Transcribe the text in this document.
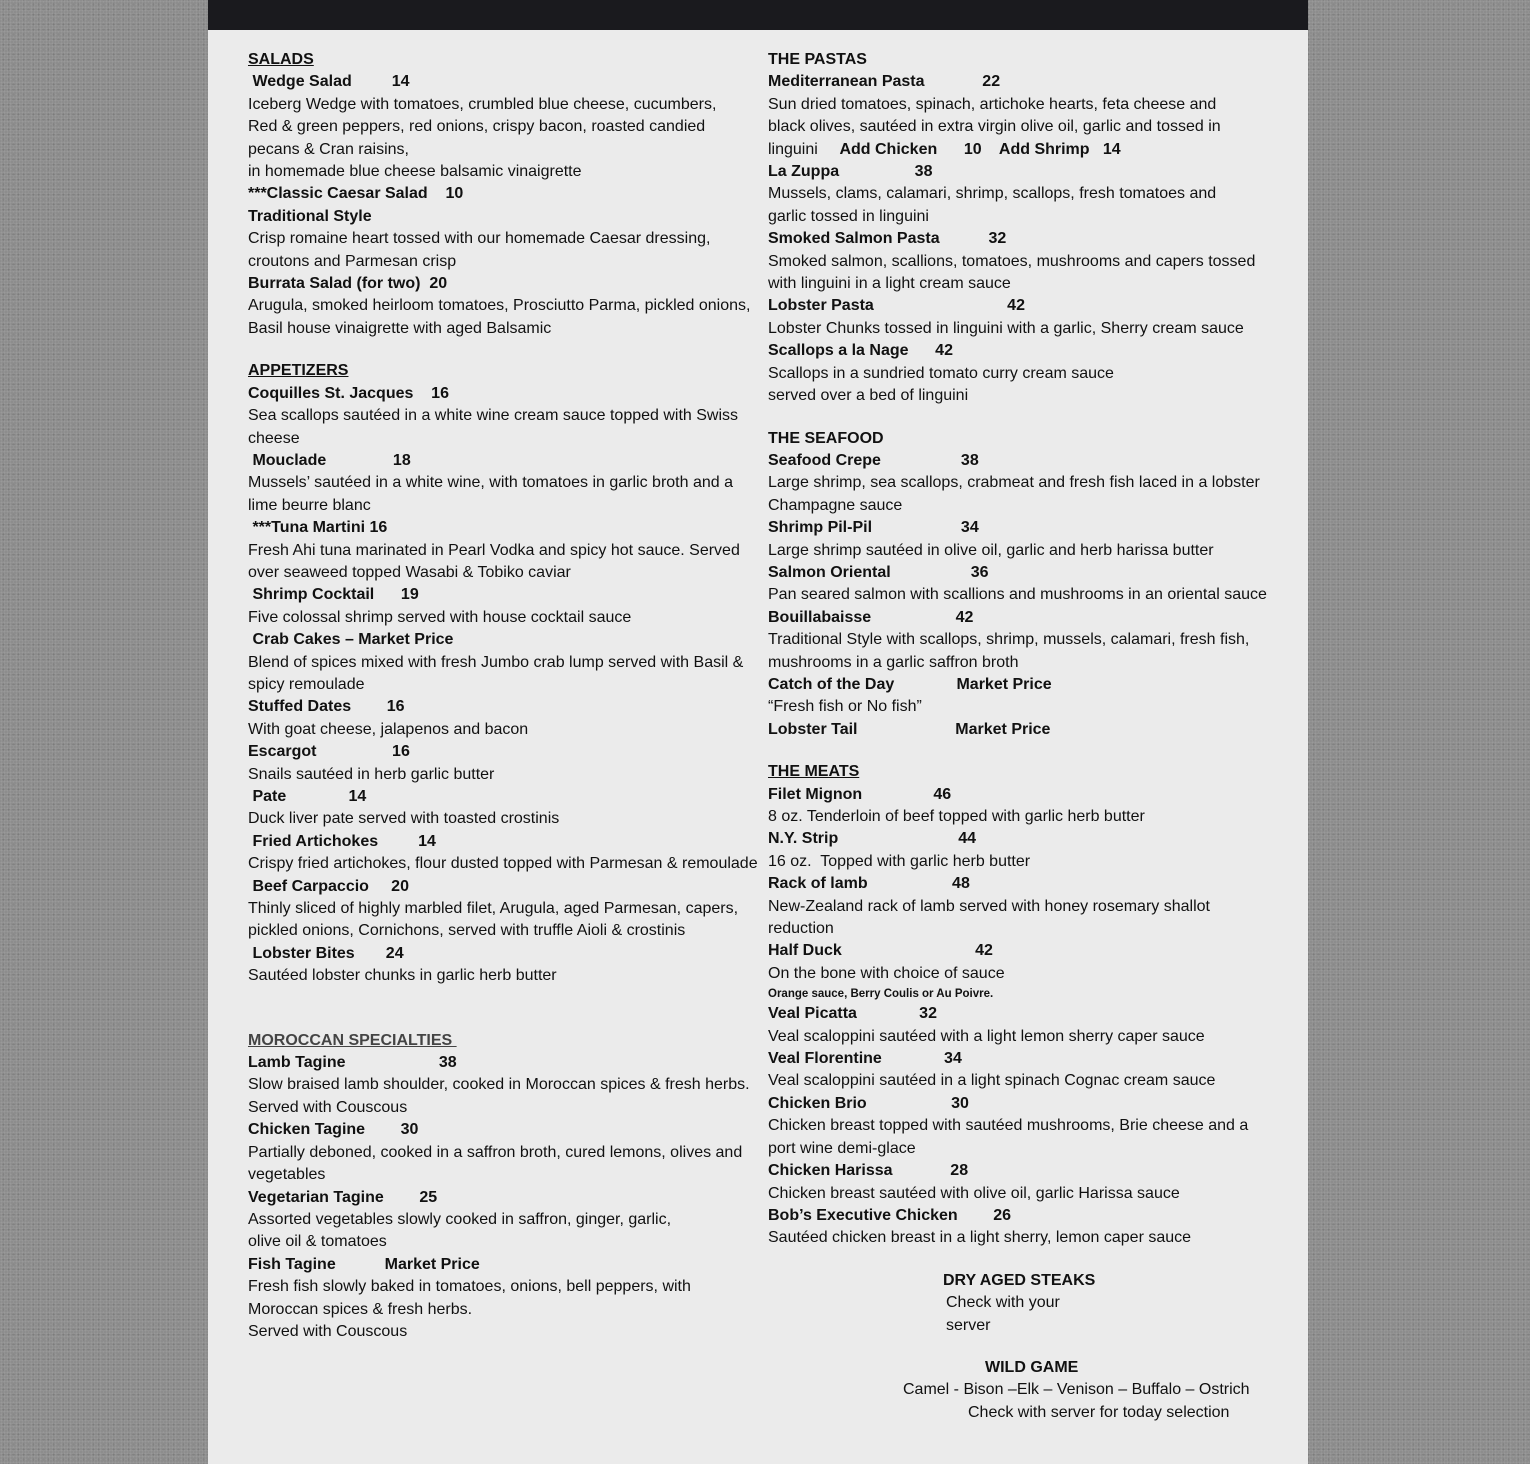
SALADS
Wedge Salad         14
Iceberg Wedge with tomatoes, crumbled blue cheese, cucumbers, Red & green peppers, red onions, crispy bacon, roasted candied pecans & Cran raisins,
in homemade blue cheese balsamic vinaigrette
***Classic Caesar Salad    10
Traditional Style
Crisp romaine heart tossed with our homemade Caesar dressing, croutons and Parmesan crisp
Burrata Salad (for two)  20
Arugula, smoked heirloom tomatoes, Prosciutto Parma, pickled onions, Basil house vinaigrette with aged Balsamic
APPETIZERS
Coquilles St. Jacques    16
Sea scallops sautéed in a white wine cream sauce topped with Swiss cheese
Mouclade               18
Mussels’ sautéed in a white wine, with tomatoes in garlic broth and a lime beurre blanc
***Tuna Martini 16
Fresh Ahi tuna marinated in Pearl Vodka and spicy hot sauce. Served over seaweed topped Wasabi & Tobiko caviar
Shrimp Cocktail      19
Five colossal shrimp served with house cocktail sauce
Crab Cakes – Market Price
Blend of spices mixed with fresh Jumbo crab lump served with Basil & spicy remoulade
Stuffed Dates        16
With goat cheese, jalapenos and bacon
Escargot                 16
Snails sautéed in herb garlic butter
Pate              14
Duck liver pate served with toasted crostinis
Fried Artichokes         14
Crispy fried artichokes, flour dusted topped with Parmesan & remoulade
Beef Carpaccio     20
Thinly sliced of highly marbled filet, Arugula, aged Parmesan, capers, pickled onions, Cornichons, served with truffle Aioli & crostinis
Lobster Bites       24
Sautéed lobster chunks in garlic herb butter
MOROCCAN SPECIALTIES
Lamb Tagine                     38
Slow braised lamb shoulder, cooked in Moroccan spices & fresh herbs. Served with Couscous
Chicken Tagine        30
Partially deboned, cooked in a saffron broth, cured lemons, olives and vegetables
Vegetarian Tagine        25
Assorted vegetables slowly cooked in saffron, ginger, garlic,
olive oil & tomatoes
Fish Tagine           Market Price
Fresh fish slowly baked in tomatoes, onions, bell peppers, with
Moroccan spices & fresh herbs.
Served with Couscous
THE PASTAS
Mediterranean Pasta             22
Sun dried tomatoes, spinach, artichoke hearts, feta cheese and black olives, sautéed in extra virgin olive oil, garlic and tossed in linguini     Add Chicken      10    Add Shrimp   14
La Zuppa                 38
Mussels, clams, calamari, shrimp, scallops, fresh tomatoes and garlic tossed in linguini
Smoked Salmon Pasta           32
Smoked salmon, scallions, tomatoes, mushrooms and capers tossed with linguini in a light cream sauce
Lobster Pasta                              42
Lobster Chunks tossed in linguini with a garlic, Sherry cream sauce
Scallops a la Nage      42
Scallops in a sundried tomato curry cream sauce
served over a bed of linguini
THE SEAFOOD
Seafood Crepe                  38
Large shrimp, sea scallops, crabmeat and fresh fish laced in a lobster Champagne sauce
Shrimp Pil-Pil                    34
Large shrimp sautéed in olive oil, garlic and herb harissa butter
Salmon Oriental                  36
Pan seared salmon with scallions and mushrooms in an oriental sauce
Bouillabaisse                   42
Traditional Style with scallops, shrimp, mussels, calamari, fresh fish, mushrooms in a garlic saffron broth
Catch of the Day              Market Price
“Fresh fish or No fish”
Lobster Tail                      Market Price
THE MEATS
Filet Mignon                46
8 oz. Tenderloin of beef topped with garlic herb butter
N.Y. Strip                           44
16 oz.  Topped with garlic herb butter
Rack of lamb                   48
New-Zealand rack of lamb served with honey rosemary shallot reduction
Half Duck                              42
On the bone with choice of sauce
Orange sauce, Berry Coulis or Au Poivre.
Veal Picatta              32
Veal scaloppini sautéed with a light lemon sherry caper sauce
Veal Florentine              34
Veal scaloppini sautéed in a light spinach Cognac cream sauce
Chicken Brio                   30
Chicken breast topped with sautéed mushrooms, Brie cheese and a port wine demi-glace
Chicken Harissa             28
Chicken breast sautéed with olive oil, garlic Harissa sauce
Bob’s Executive Chicken        26
Sautéed chicken breast in a light sherry, lemon caper sauce
DRY AGED STEAKS
Check with your server
WILD GAME
Camel - Bison –Elk – Venison – Buffalo – Ostrich
Check with server for today selection
